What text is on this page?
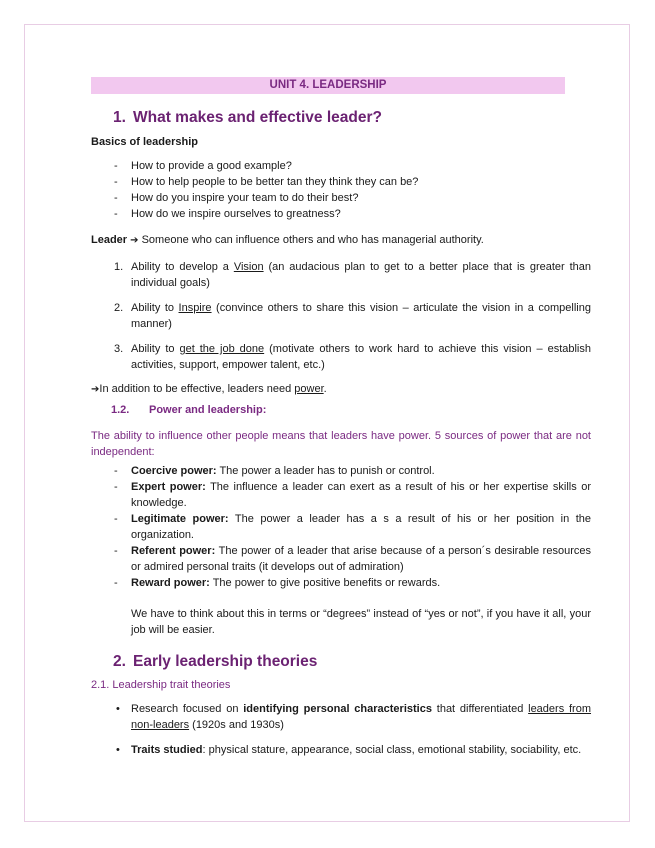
UNIT 4. LEADERSHIP
1. What makes and effective leader?
Basics of leadership
- How to provide a good example?
- How to help people to be better tan they think they can be?
- How do you inspire your team to do their best?
- How do we inspire ourselves to greatness?
Leader ➔ Someone who can influence others and who has managerial authority.
1. Ability to develop a Vision (an audacious plan to get to a better place that is greater than individual goals)
2. Ability to Inspire (convince others to share this vision – articulate the vision in a compelling manner)
3. Ability to get the job done (motivate others to work hard to achieve this vision – establish activities, support, empower talent, etc.)
➔In addition to be effective, leaders need power.
1.2. Power and leadership:
The ability to influence other people means that leaders have power. 5 sources of power that are not independent:
- Coercive power: The power a leader has to punish or control.
- Expert power: The influence a leader can exert as a result of his or her expertise skills or knowledge.
- Legitimate power: The power a leader has a s a result of his or her position in the organization.
- Referent power: The power of a leader that arise because of a person´s desirable resources or admired personal traits (it develops out of admiration)
- Reward power: The power to give positive benefits or rewards.
We have to think about this in terms or “degrees” instead of “yes or not”, if you have it all, your job will be easier.
2. Early leadership theories
2.1. Leadership trait theories
• Research focused on identifying personal characteristics that differentiated leaders from non-leaders (1920s and 1930s)
• Traits studied: physical stature, appearance, social class, emotional stability, sociability, etc.
